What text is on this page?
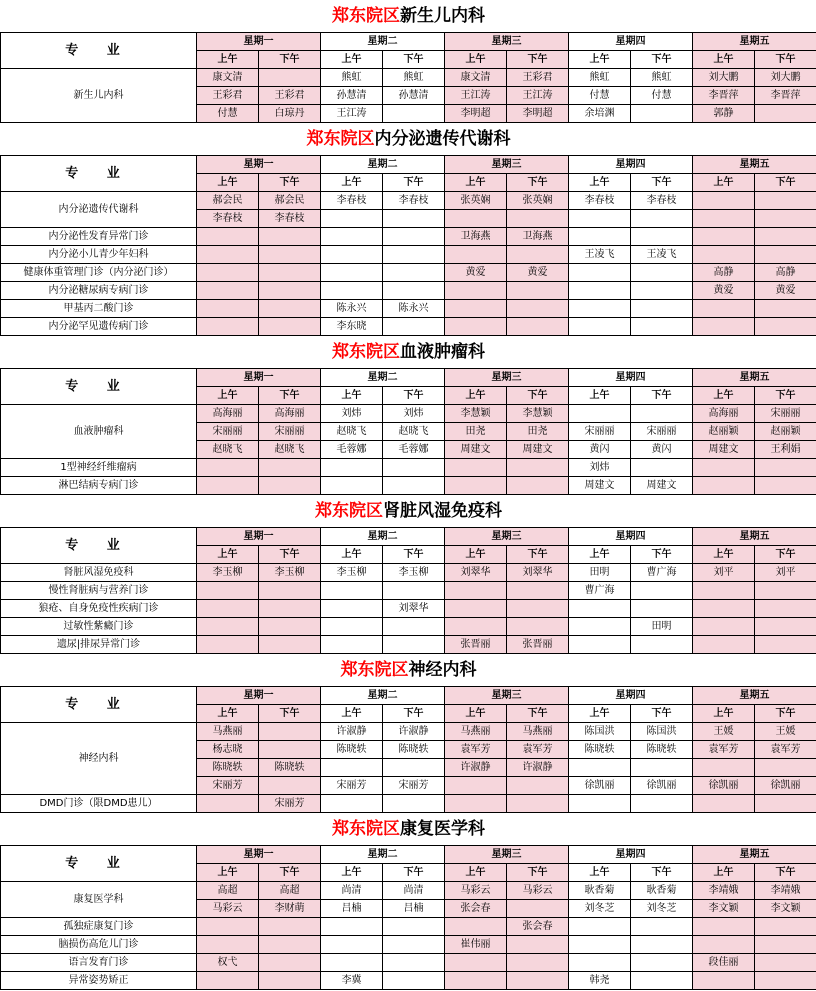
郑东院区新生儿内科										
专 业	星期一		星期二		星期三		星期四		星期五	
	上午	下午	上午	下午	上午	下午	上午	下午	上午	下午
新生儿内科	康文清		熊虹	熊虹	康文清	王彩君	熊虹	熊虹	刘大鹏	刘大鹏
	王彩君	王彩君	孙慧清	孙慧清	王江涛	王江涛	付慧	付慧	李晋萍	李晋萍
	付慧	白琼丹	王江涛		李明超	李明超	余培渊		郭静	
郑东院区内分泌遗传代谢科										
专 业	星期一		星期二		星期三		星期四		星期五	
	上午	下午	上午	下午	上午	下午	上午	下午	上午	下午
内分泌遗传代谢科	郝会民	郝会民	李春枝	李春枝	张英娴	张英娴	李春枝	李春枝		
	李春枝	李春枝								
内分泌性发育异常门诊					卫海燕	卫海燕				
内分泌小儿青少年妇科							王凌飞	王凌飞		
健康体重管理门诊（内分泌门诊）					黄爱	黄爱			高静	高静
内分泌糖尿病专病门诊									黄爱	黄爱
甲基丙二酸门诊			陈永兴	陈永兴						
内分泌罕见遗传病门诊			李东晓							
郑东院区血液肿瘤科										
专 业	星期一		星期二		星期三		星期四		星期五	
	上午	下午	上午	下午	上午	下午	上午	下午	上午	下午
血液肿瘤科	高海丽	高海丽	刘炜	刘炜	李慧颖	李慧颖			高海丽	宋丽丽
	宋丽丽	宋丽丽	赵晓飞	赵晓飞	田尧	田尧	宋丽丽	宋丽丽	赵丽颖	赵丽颖
	赵晓飞	赵晓飞	毛蓉娜	毛蓉娜	周建文	周建文	黄闪	黄闪	周建文	王利娟
1型神经纤维瘤病							刘炜			
淋巴结病专病门诊							周建文	周建文		
郑东院区肾脏风湿免疫科										
专 业	星期一		星期二		星期三		星期四		星期五	
	上午	下午	上午	下午	上午	下午	上午	下午	上午	下午
肾脏风湿免疫科	李玉柳	李玉柳	李玉柳	李玉柳	刘翠华	刘翠华	田明	曹广海	刘平	刘平
慢性肾脏病与营养门诊							曹广海			
狼疮、自身免疫性疾病门诊				刘翠华						
过敏性紫癜门诊								田明		
遗尿|排尿异常门诊					张晋丽	张晋丽				
郑东院区神经内科										
专 业	星期一		星期二		星期三		星期四		星期五	
	上午	下午	上午	下午	上午	下午	上午	下午	上午	下午
神经内科	马燕丽		许淑静	许淑静	马燕丽	马燕丽	陈国洪	陈国洪	王媛	王媛
	杨志晓		陈晓轶	陈晓轶	袁军芳	袁军芳	陈晓轶	陈晓轶	袁军芳	袁军芳
	陈晓轶	陈晓轶			许淑静	许淑静				
	宋丽芳		宋丽芳	宋丽芳			徐凯丽	徐凯丽	徐凯丽	徐凯丽
DMD门诊（限DMD患儿）		宋丽芳								
郑东院区康复医学科										
专 业	星期一		星期二		星期三		星期四		星期五	
	上午	下午	上午	下午	上午	下午	上午	下午	上午	下午
康复医学科	高超	高超	尚清	尚清	马彩云	马彩云	耿香菊	耿香菊	李靖娥	李靖娥
	马彩云	李财萌	吕楠	吕楠	张会春		刘冬芝	刘冬芝	李文颖	李文颖
孤独症康复门诊						张会春				
脑损伤高危儿门诊					崔伟丽					
语言发育门诊	权弋								段佳丽	
异常姿势矫正			李冀				韩尧			
